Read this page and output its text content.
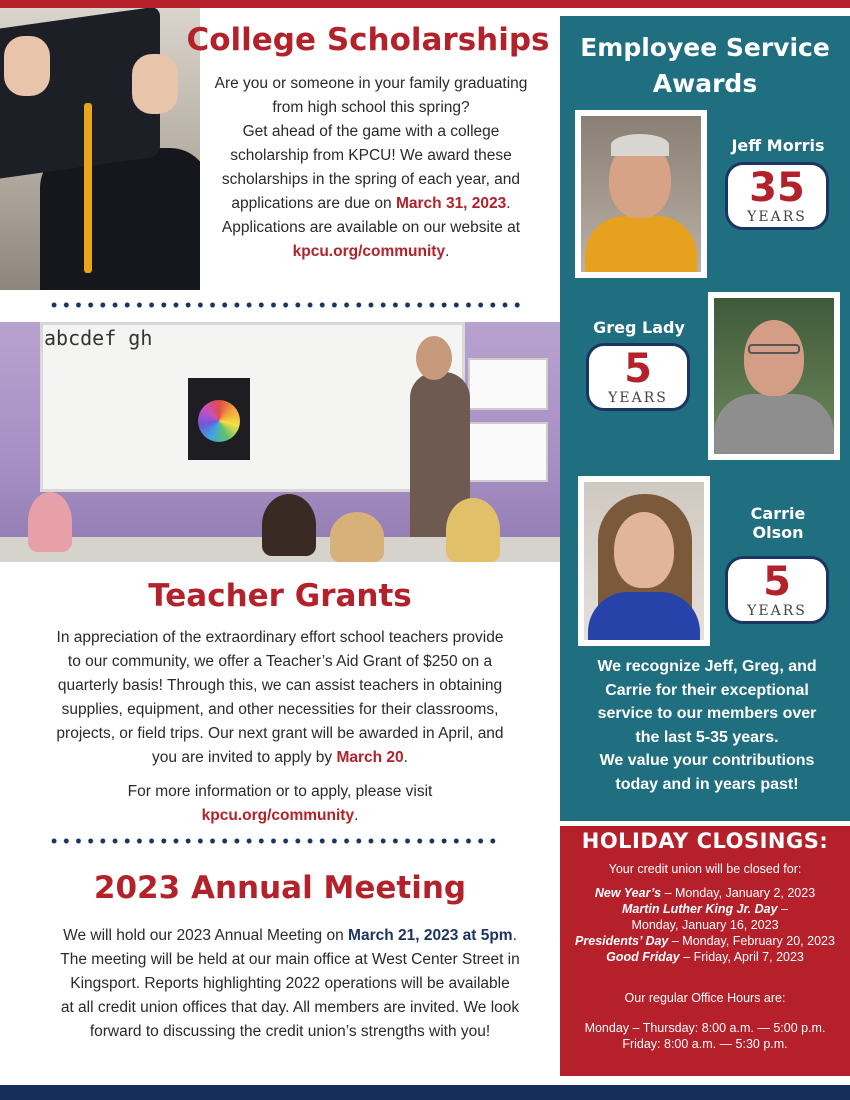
College Scholarships
Are you or someone in your family graduating
from high school this spring?
Get ahead of the game with a college
scholarship from KPCU! We award these
scholarships in the spring of each year, and
applications are due on March 31, 2023.
Applications are available on our website at
kpcu.org/community.
abcdef gh
Teacher Grants
In appreciation of the extraordinary effort school teachers provide
to our community, we offer a Teacher’s Aid Grant of $250 on a
quarterly basis! Through this, we can assist teachers in obtaining
supplies, equipment, and other necessities for their classrooms,
projects, or field trips. Our next grant will be awarded in April, and
you are invited to apply by March 20.
For more information or to apply, please visit
kpcu.org/community.
2023 Annual Meeting
We will hold our 2023 Annual Meeting on March 21, 2023 at 5pm.
The meeting will be held at our main office at West Center Street in
Kingsport. Reports highlighting 2022 operations will be available
at all credit union offices that day. All members are invited. We look
forward to discussing the credit union’s strengths with you!
Employee Service
Awards
Jeff Morris
35
YEARS
Greg Lady
5
YEARS
Carrie
Olson
5
YEARS
We recognize Jeff, Greg, and
Carrie for their exceptional
service to our members over
the last 5-35 years.
We value your contributions
today and in years past!
HOLIDAY CLOSINGS:
Your credit union will be closed for:
New Year’s – Monday, January 2, 2023
Martin Luther King Jr. Day –
Monday, January 16, 2023
Presidents’ Day – Monday, February 20, 2023
Good Friday – Friday, April 7, 2023
Our regular Office Hours are:
Monday – Thursday: 8:00 a.m. — 5:00 p.m.
Friday: 8:00 a.m. — 5:30 p.m.
